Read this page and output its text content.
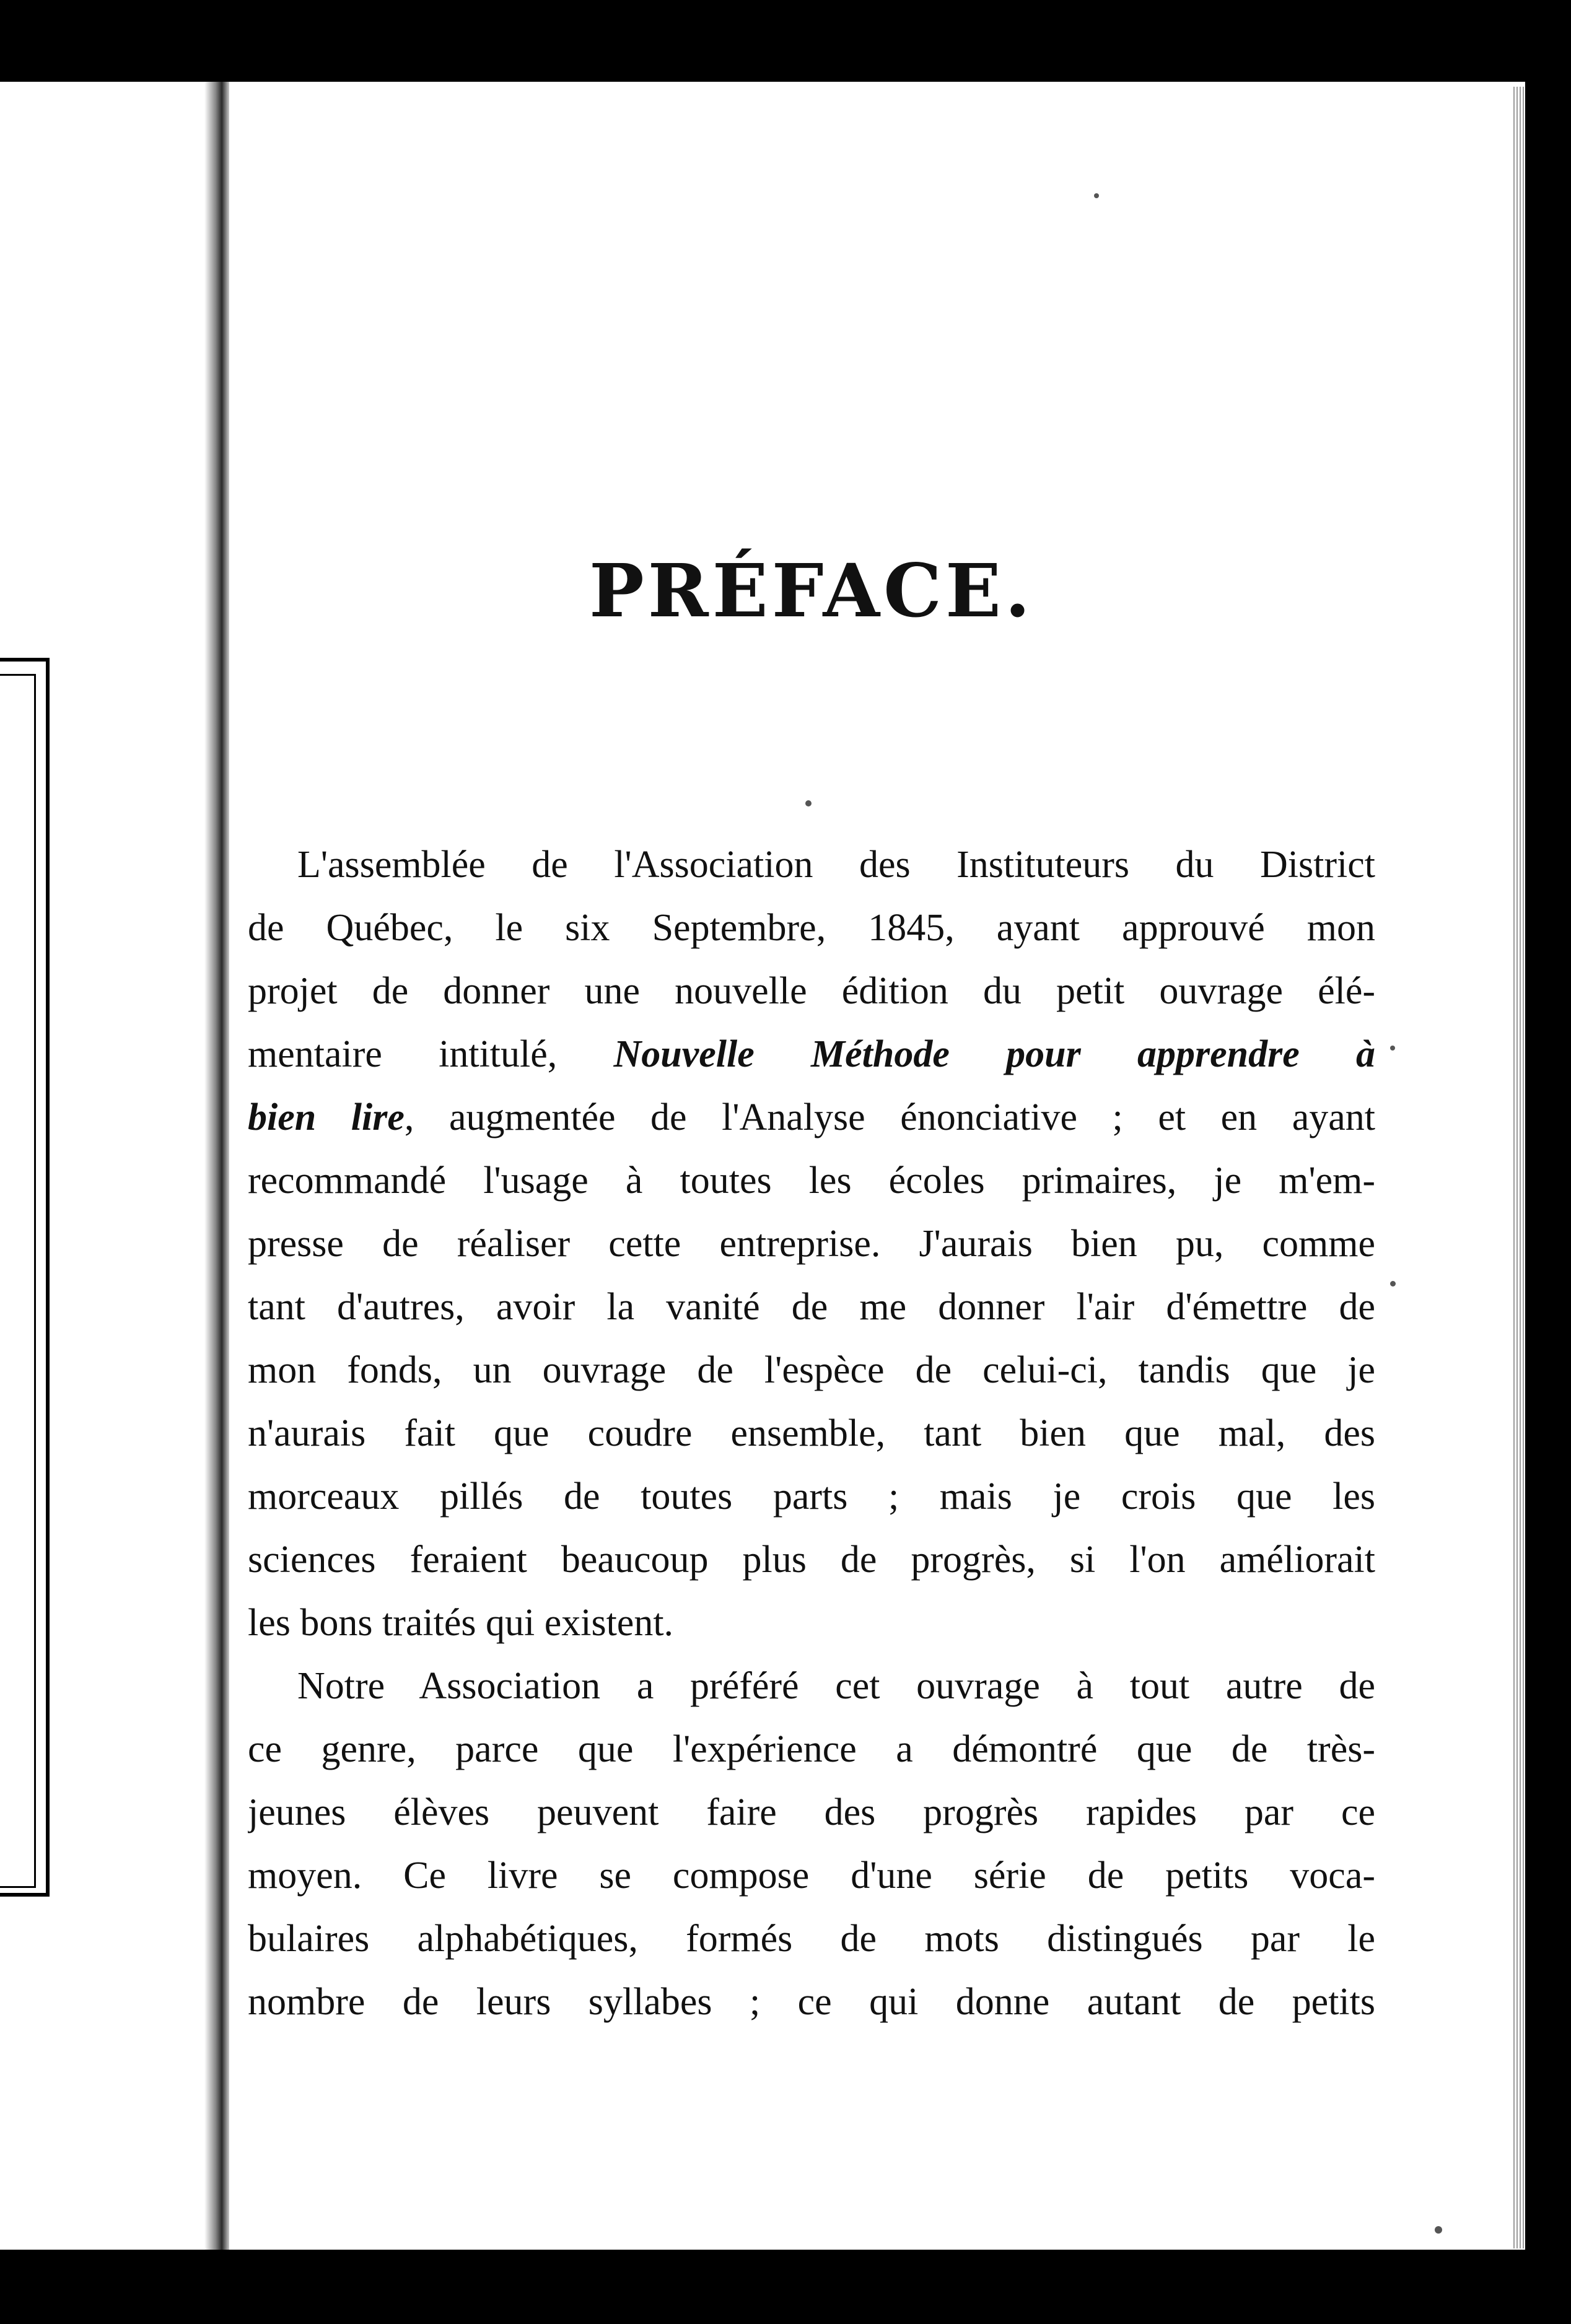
PRÉFACE.
L'assemblée de l'Association des Instituteurs du District
de Québec, le six Septembre, 1845, ayant approuvé mon
projet de donner une nouvelle édition du petit ouvrage élé-
mentaire intitulé, Nouvelle Méthode pour apprendre à
bien lire, augmentée de l'Analyse énonciative ; et en ayant
recommandé l'usage à toutes les écoles primaires, je m'em-
presse de réaliser cette entreprise. J'aurais bien pu, comme
tant d'autres, avoir la vanité de me donner l'air d'émettre de
mon fonds, un ouvrage de l'espèce de celui-ci, tandis que je
n'aurais fait que coudre ensemble, tant bien que mal, des
morceaux pillés de toutes parts ; mais je crois que les
sciences feraient beaucoup plus de progrès, si l'on améliorait
les bons traités qui existent.
Notre Association a préféré cet ouvrage à tout autre de
ce genre, parce que l'expérience a démontré que de très-
jeunes élèves peuvent faire des progrès rapides par ce
moyen. Ce livre se compose d'une série de petits voca-
bulaires alphabétiques, formés de mots distingués par le
nombre de leurs syllabes ; ce qui donne autant de petits
